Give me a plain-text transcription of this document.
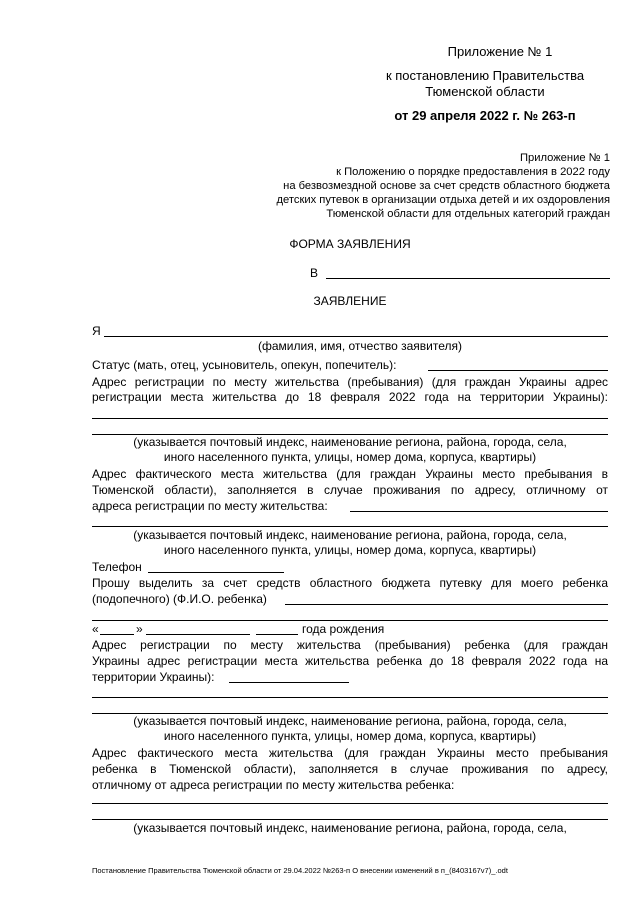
Приложение № 1
к постановлению Правительства
Тюменской области
от 29 апреля 2022 г. № 263-п
Приложение № 1
к Положению о порядке предоставления в 2022 году
на безвозмездной основе за счет средств областного бюджета
детских путевок в организации отдыха детей и их оздоровления
Тюменской области для отдельных категорий граждан
ФОРМА ЗАЯВЛЕНИЯ
В
ЗАЯВЛЕНИЕ
Я
(фамилия, имя, отчество заявителя)
Статус (мать, отец, усыновитель, опекун, попечитель):
Адрес регистрации по месту жительства (пребывания) (для граждан Украины адрес
регистрации места жительства до 18 февраля 2022 года на территории Украины):
(указывается почтовый индекс, наименование региона, района, города, села,
иного населенного пункта, улицы, номер дома, корпуса, квартиры)
Адрес фактического места жительства (для граждан Украины место пребывания в
Тюменской области), заполняется в случае проживания по адресу, отличному от
адреса регистрации по месту жительства:
(указывается почтовый индекс, наименование региона, района, города, села,
иного населенного пункта, улицы, номер дома, корпуса, квартиры)
Телефон
Прошу выделить за счет средств областного бюджета путевку для моего ребенка
(подопечного) (Ф.И.О. ребенка)
«	»	года рождения
Адрес регистрации по месту жительства (пребывания) ребенка (для граждан
Украины адрес регистрации места жительства ребенка до 18 февраля 2022 года на
территории Украины):
(указывается почтовый индекс, наименование региона, района, города, села,
иного населенного пункта, улицы, номер дома, корпуса, квартиры)
Адрес фактического места жительства (для граждан Украины место пребывания
ребенка в Тюменской области), заполняется в случае проживания по адресу,
отличному от адреса регистрации по месту жительства ребенка:
(указывается почтовый индекс, наименование региона, района, города, села,
Постановление Правительства Тюменской области от 29.04.2022 №263-п О внесении изменений в п_(8403167v7)_.odt
